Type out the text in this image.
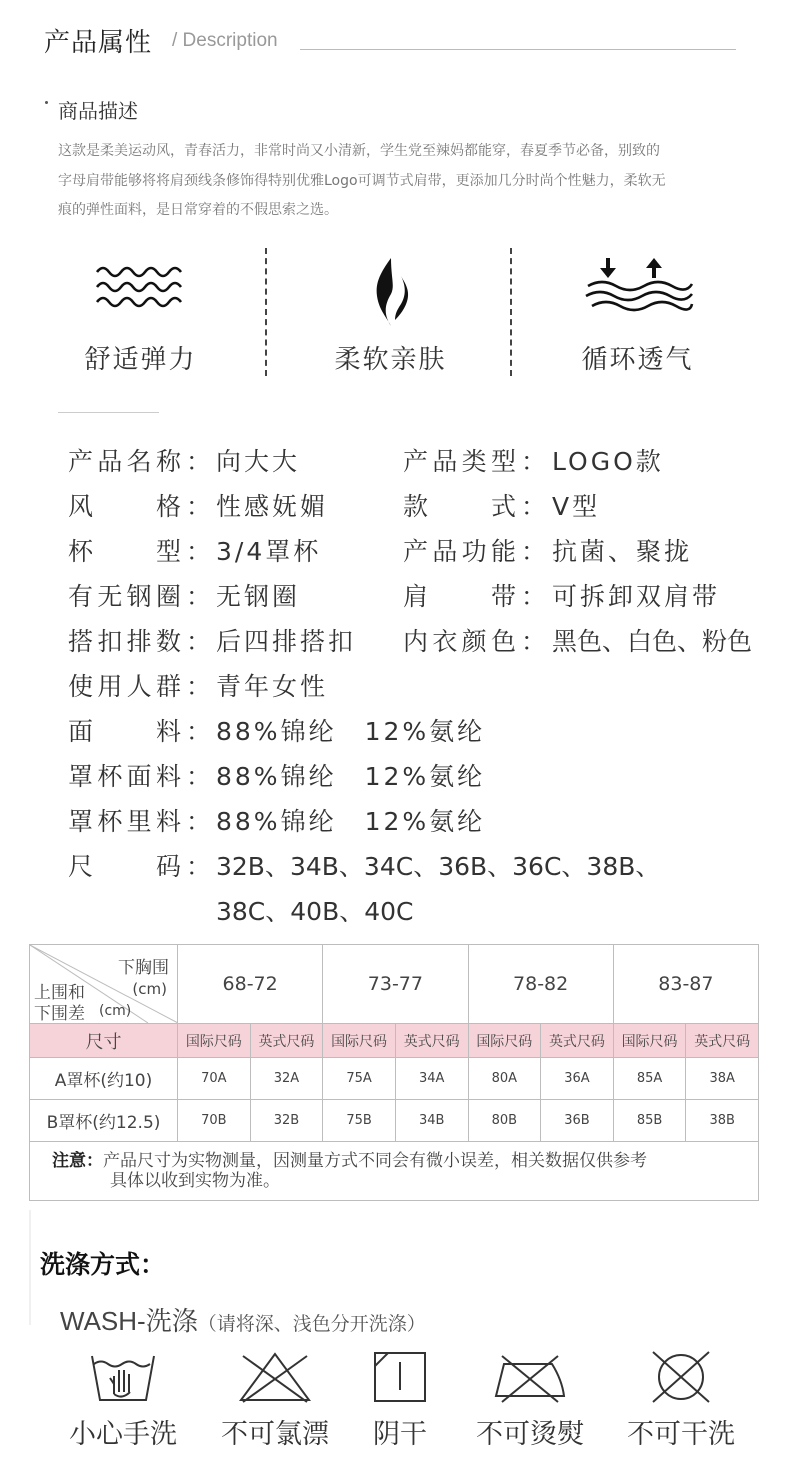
产品属性 / Description
商品描述
这款是柔美运动风，青春活力，非常时尚又小清新，学生党至辣妈都能穿，春夏季节必备，别致的
字母肩带能够将将肩颈线条修饰得特别优雅Logo可调节式肩带，更添加几分时尚个性魅力，柔软无
痕的弹性面料，是日常穿着的不假思索之选。
舒适弹力	柔软亲肤	循环透气
产品名称 ： 向大大	产品类型 ： LOGO款
风格 ： 性感妩媚	款式 ： V型
杯型 ： 3/4罩杯	产品功能 ： 抗菌、聚拢
有无钢圈 ： 无钢圈	肩带 ： 可拆卸双肩带
搭扣排数 ： 后四排搭扣 内衣颜色 ： 黑色、白色、粉色
使用人群 ： 青年女性
面料 ： 88%锦纶　12%氨纶
罩杯面料 ： 88%锦纶　12%氨纶
罩杯里料 ： 88%锦纶　12%氨纶
尺码 ： 32B、34B、34C、36B、36C、38B、
38C、40B、40C
下胸围
上围和 (cm)
下围差 (cm)	68-72		73-77		78-82		83-87	
尺寸	国际尺码	英式尺码	国际尺码	英式尺码	国际尺码	英式尺码	国际尺码	英式尺码
A罩杯(约10)	70A	32A	75A	34A	80A	36A	85A	38A
B罩杯(约12.5)	70B	32B	75B	34B	80B	36B	85B	38B
注意：产品尺寸为实物测量，因测量方式不同会有微小误差，相关数据仅供参考
具体以收到实物为准。								
洗涤方式：
WASH-洗涤（请将深、浅色分开洗涤）
小心手洗	不可氯漂	阴干	不可烫熨	不可干洗
